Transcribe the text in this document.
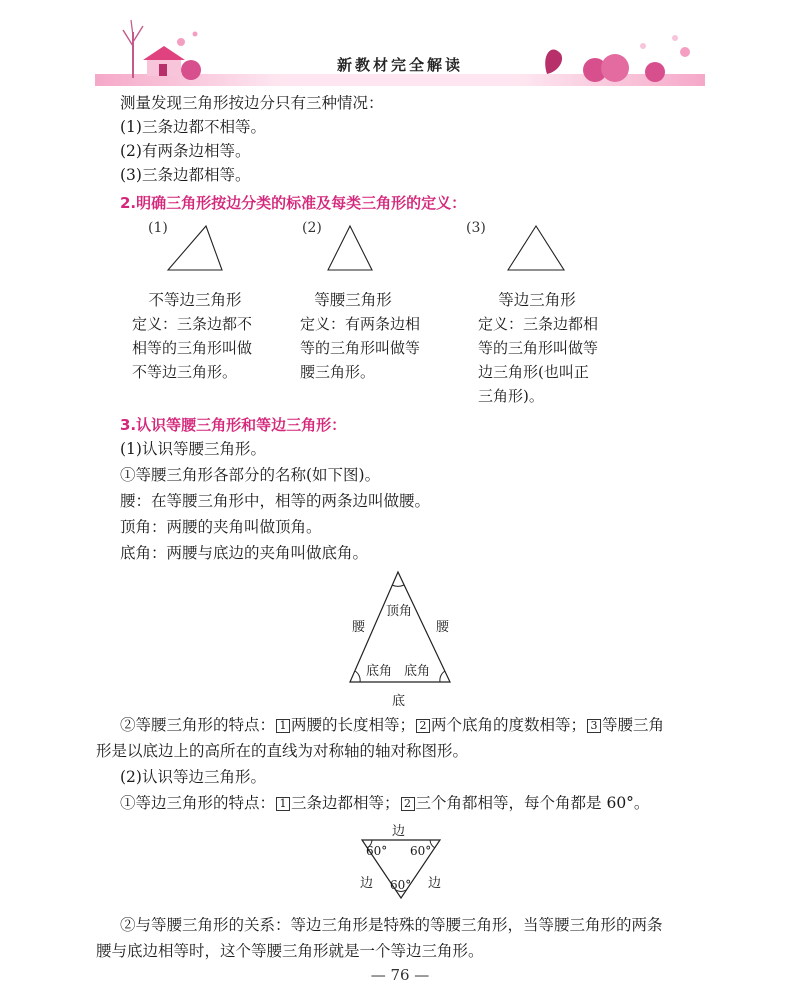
新教材完全解读
测量发现三角形按边分只有三种情况：
(1)三条边都不相等。
(2)有两条边相等。
(3)三条边都相等。
2.明确三角形按边分类的标准及每类三角形的定义：
(1)
不等边三角形
定义：三条边都不
相等的三角形叫做
不等边三角形。
(2)
等腰三角形
定义：有两条边相
等的三角形叫做等
腰三角形。
(3)
等边三角形
定义：三条边都相
等的三角形叫做等
边三角形(也叫正
三角形)。
3.认识等腰三角形和等边三角形：
(1)认识等腰三角形。
①等腰三角形各部分的名称(如下图)。
腰：在等腰三角形中，相等的两条边叫做腰。
顶角：两腰的夹角叫做顶角。
底角：两腰与底边的夹角叫做底角。
顶角
腰	腰
底角 底角
底
②等腰三角形的特点： 1 两腰的长度相等； 2 两个底角的度数相等； 3 等腰三角
形是以底边上的高所在的直线为对称轴的轴对称图形。
(2)认识等边三角形。
①等边三角形的特点： 1 三条边都相等； 2 三个角都相等，每个角都是 60°。
边
60° 60°
边	边
60°
②与等腰三角形的关系：等边三角形是特殊的等腰三角形，当等腰三角形的两条
腰与底边相等时，这个等腰三角形就是一个等边三角形。
— 76 —
